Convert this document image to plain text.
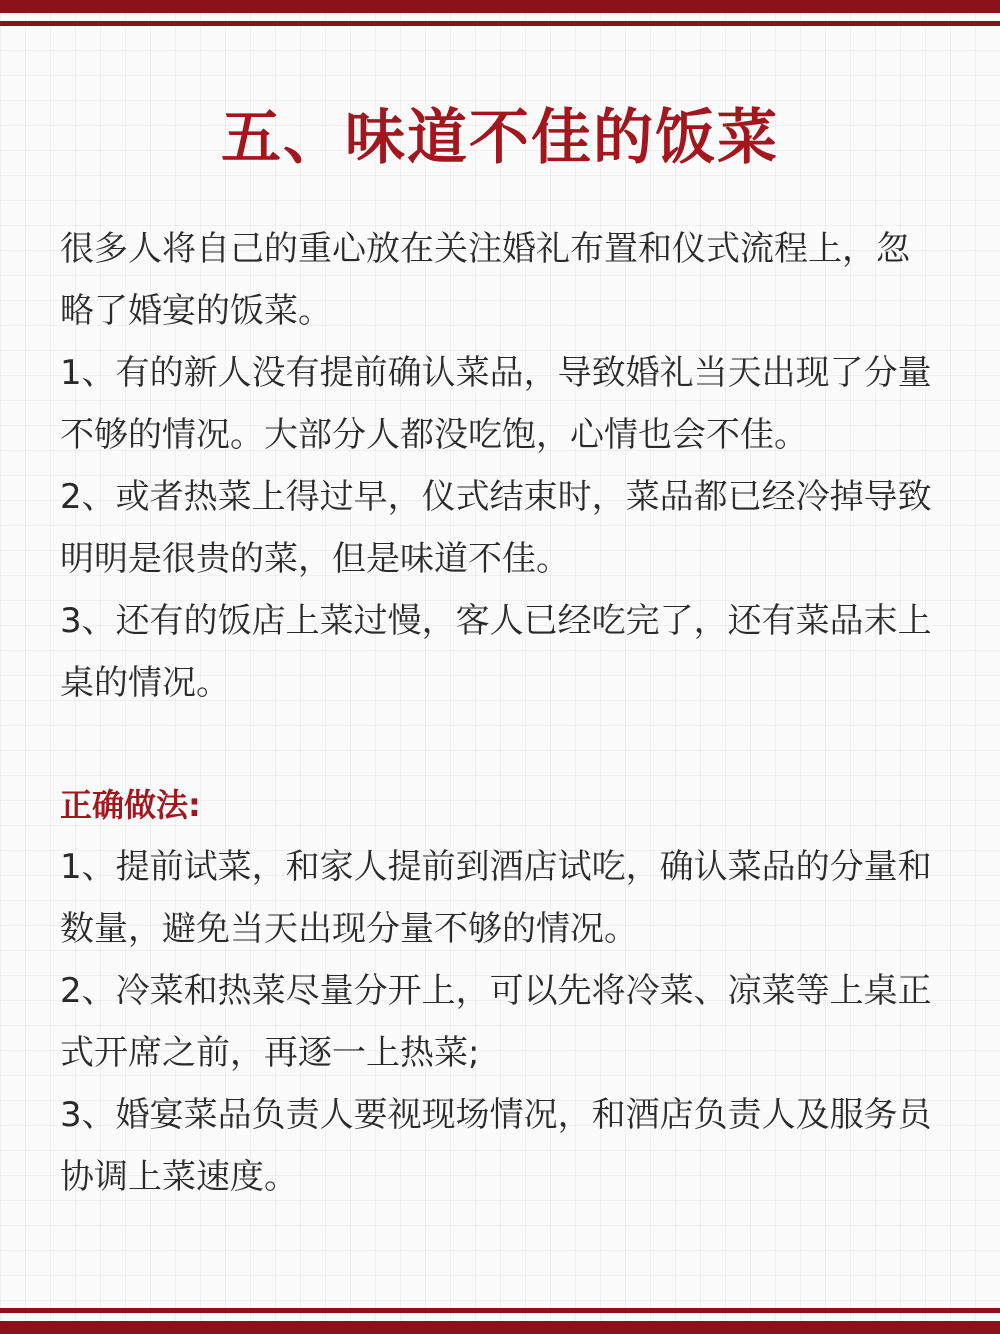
五、味道不佳的饭菜

很多人将自己的重心放在关注婚礼布置和仪式流程上，忽略了婚宴的饭菜。

1、有的新人没有提前确认菜品，导致婚礼当天出现了分量不够的情况。大部分人都没吃饱，心情也会不佳。

2、或者热菜上得过早，仪式结束时，菜品都已经冷掉导致明明是很贵的菜，但是味道不佳。

3、还有的饭店上菜过慢，客人已经吃完了，还有菜品末上桌的情况。

正确做法:

1、提前试菜，和家人提前到酒店试吃，确认菜品的分量和数量，避免当天出现分量不够的情况。

2、冷菜和热菜尽量分开上，可以先将冷菜、凉菜等上桌正式开席之前，再逐一上热菜;

3、婚宴菜品负责人要视现场情况，和酒店负责人及服务员协调上菜速度。
